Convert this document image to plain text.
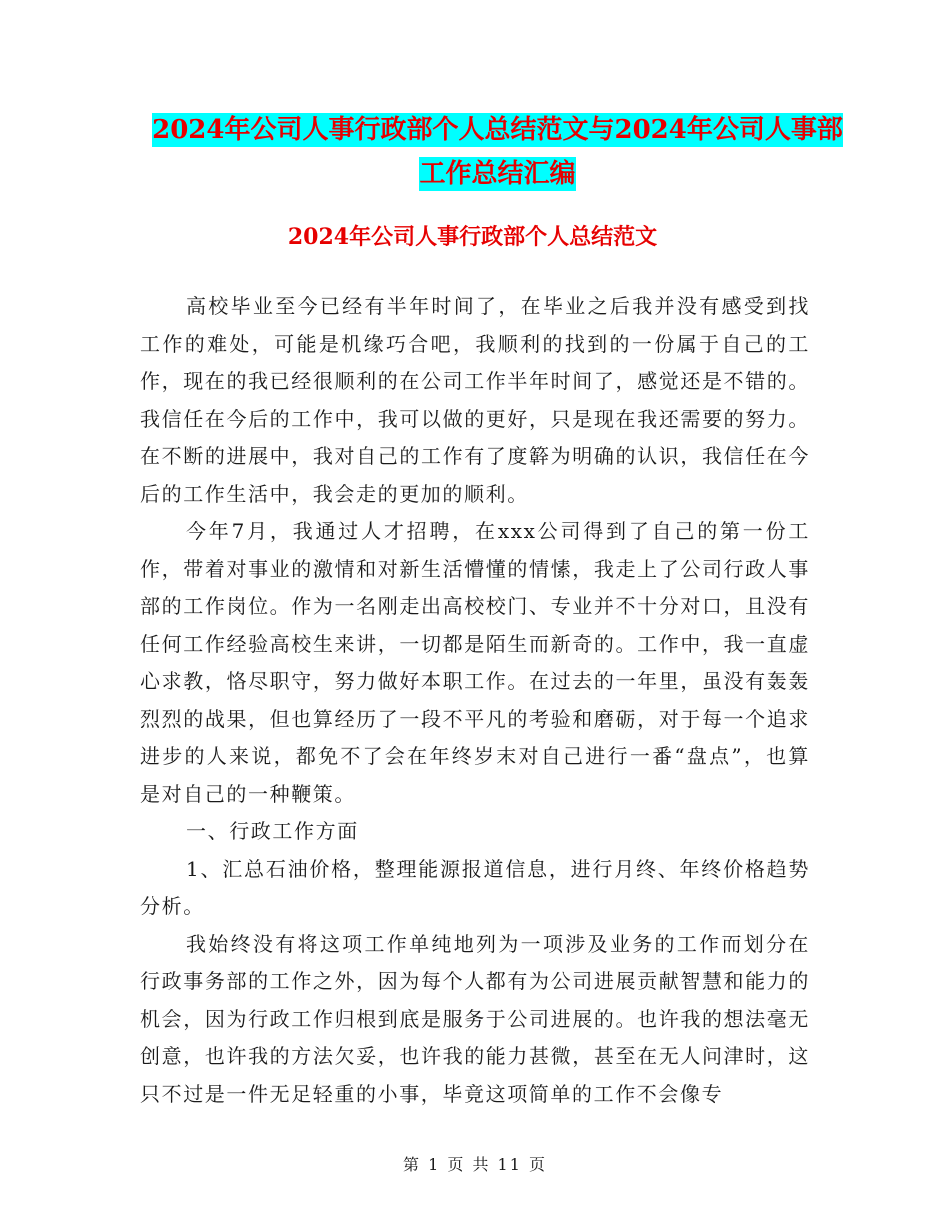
2024年公司人事行政部个人总结范文与2024年公司人事部工作总结汇编
2024年公司人事行政部个人总结范文

高校毕业至今已经有半年时间了，在毕业之后我并没有感受到找工作的难处，可能是机缘巧合吧，我顺利的找到的一份属于自己的工作，现在的我已经很顺利的在公司工作半年时间了，感觉还是不错的。我信任在今后的工作中，我可以做的更好，只是现在我还需要的努力。在不断的进展中，我对自己的工作有了度簳为明确的认识，我信任在今后的工作生活中，我会走的更加的顺利。

今年7月，我通过人才招聘，在xxx公司得到了自己的第一份工作，带着对事业的激情和对新生活懵懂的情愫，我走上了公司行政人事部的工作岗位。作为一名刚走出高校校门、专业并不十分对口，且没有任何工作经验高校生来讲，一切都是陌生而新奇的。工作中，我一直虚心求教，恪尽职守，努力做好本职工作。在过去的一年里，虽没有轰轰烈烈的战果，但也算经历了一段不平凡的考验和磨砺，对于每一个追求进步的人来说，都免不了会在年终岁末对自己进行一番“盘点”，也算是对自己的一种鞭策。

一、行政工作方面

1、汇总石油价格，整理能源报道信息，进行月终、年终价格趋势分析。

我始终没有将这项工作单纯地列为一项涉及业务的工作而划分在行政事务部的工作之外，因为每个人都有为公司进展贡献智慧和能力的机会，因为行政工作归根到底是服务于公司进展的。也许我的想法毫无创意，也许我的方法欠妥，也许我的能力甚微，甚至在无人问津时，这只不过是一件无足轻重的小事，毕竟这项简单的工作不会像专

第 1 页 共 11 页
